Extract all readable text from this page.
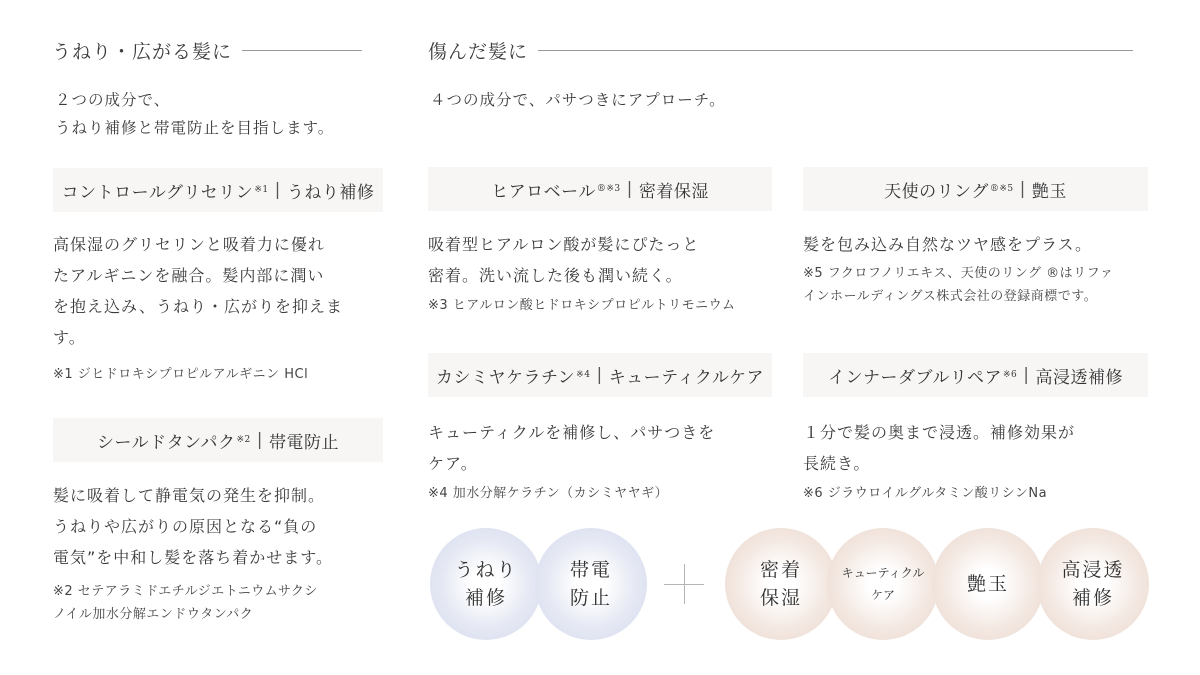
うねり・広がる髪に	傷んだ髪に
２つの成分で、
うねり補修と帯電防止を目指します。
４つの成分で、パサつきにアプローチ。
コントロールグリセリン ※1 | うねり補修
高保湿のグリセリンと吸着力に優れ
たアルギニンを融合。髪内部に潤い
を抱え込み、うねり・広がりを抑えま
す。
※1 ジヒドロキシプロピルアルギニン HCl
シールドタンパク ※2 | 帯電防止
髪に吸着して静電気の発生を抑制。
うねりや広がりの原因となる“負の
電気”を中和し髪を落ち着かせます。
※2 セテアラミドエチルジエトニウムサクシ
ノイル加水分解エンドウタンパク
ヒアロベール ®※3 | 密着保湿
吸着型ヒアルロン酸が髪にぴたっと
密着。洗い流した後も潤い続く。
※3 ヒアルロン酸ヒドロキシプロピルトリモニウム
天使のリング ®※5 | 艶玉
髪を包み込み自然なツヤ感をプラス。
※5 フクロフノリエキス、天使のリング ®はリファ
インホールディングス株式会社の登録商標です。
カシミヤケラチン ※4 | キューティクルケア
キューティクルを補修し、パサつきを
ケア。
※4 加水分解ケラチン（カシミヤヤギ）
インナーダブルリペア ※6 | 高浸透補修
１分で髪の奥まで浸透。補修効果が
長続き。
※6 ジラウロイルグルタミン酸リシンNa
うねり
補修
帯電
防止
密着
保湿
キューティクル
ケア	艶玉
高浸透
補修
